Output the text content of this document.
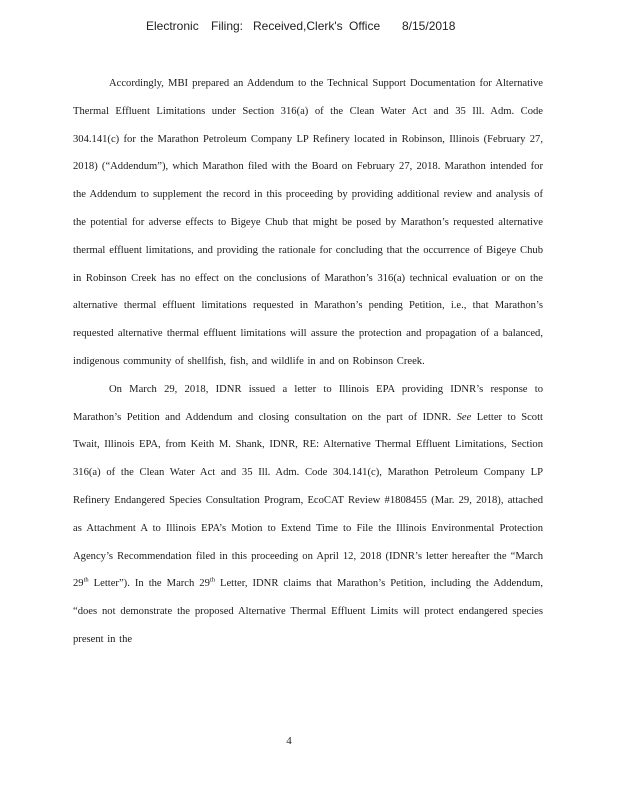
Electronic Filing: Received,Clerk's Office 8/15/2018

Accordingly, MBI prepared an Addendum to the Technical Support Documentation for Alternative Thermal Effluent Limitations under Section 316(a) of the Clean Water Act and 35 Ill. Adm. Code 304.141(c) for the Marathon Petroleum Company LP Refinery located in Robinson, Illinois (February 27, 2018) (“Addendum”), which Marathon filed with the Board on February 27, 2018. Marathon intended for the Addendum to supplement the record in this proceeding by providing additional review and analysis of the potential for adverse effects to Bigeye Chub that might be posed by Marathon’s requested alternative thermal effluent limitations, and providing the rationale for concluding that the occurrence of Bigeye Chub in Robinson Creek has no effect on the conclusions of Marathon’s 316(a) technical evaluation or on the alternative thermal effluent limitations requested in Marathon’s pending Petition, i.e., that Marathon’s requested alternative thermal effluent limitations will assure the protection and propagation of a balanced, indigenous community of shellfish, fish, and wildlife in and on Robinson Creek.

On March 29, 2018, IDNR issued a letter to Illinois EPA providing IDNR’s response to Marathon’s Petition and Addendum and closing consultation on the part of IDNR. See Letter to Scott Twait, Illinois EPA, from Keith M. Shank, IDNR, RE: Alternative Thermal Effluent Limitations, Section 316(a) of the Clean Water Act and 35 Ill. Adm. Code 304.141(c), Marathon Petroleum Company LP Refinery Endangered Species Consultation Program, EcoCAT Review #1808455 (Mar. 29, 2018), attached as Attachment A to Illinois EPA’s Motion to Extend Time to File the Illinois Environmental Protection Agency’s Recommendation filed in this proceeding on April 12, 2018 (IDNR’s letter hereafter the “March 29th Letter”). In the March 29th Letter, IDNR claims that Marathon’s Petition, including the Addendum, “does not demonstrate the proposed Alternative Thermal Effluent Limits will protect endangered species present in the

4
